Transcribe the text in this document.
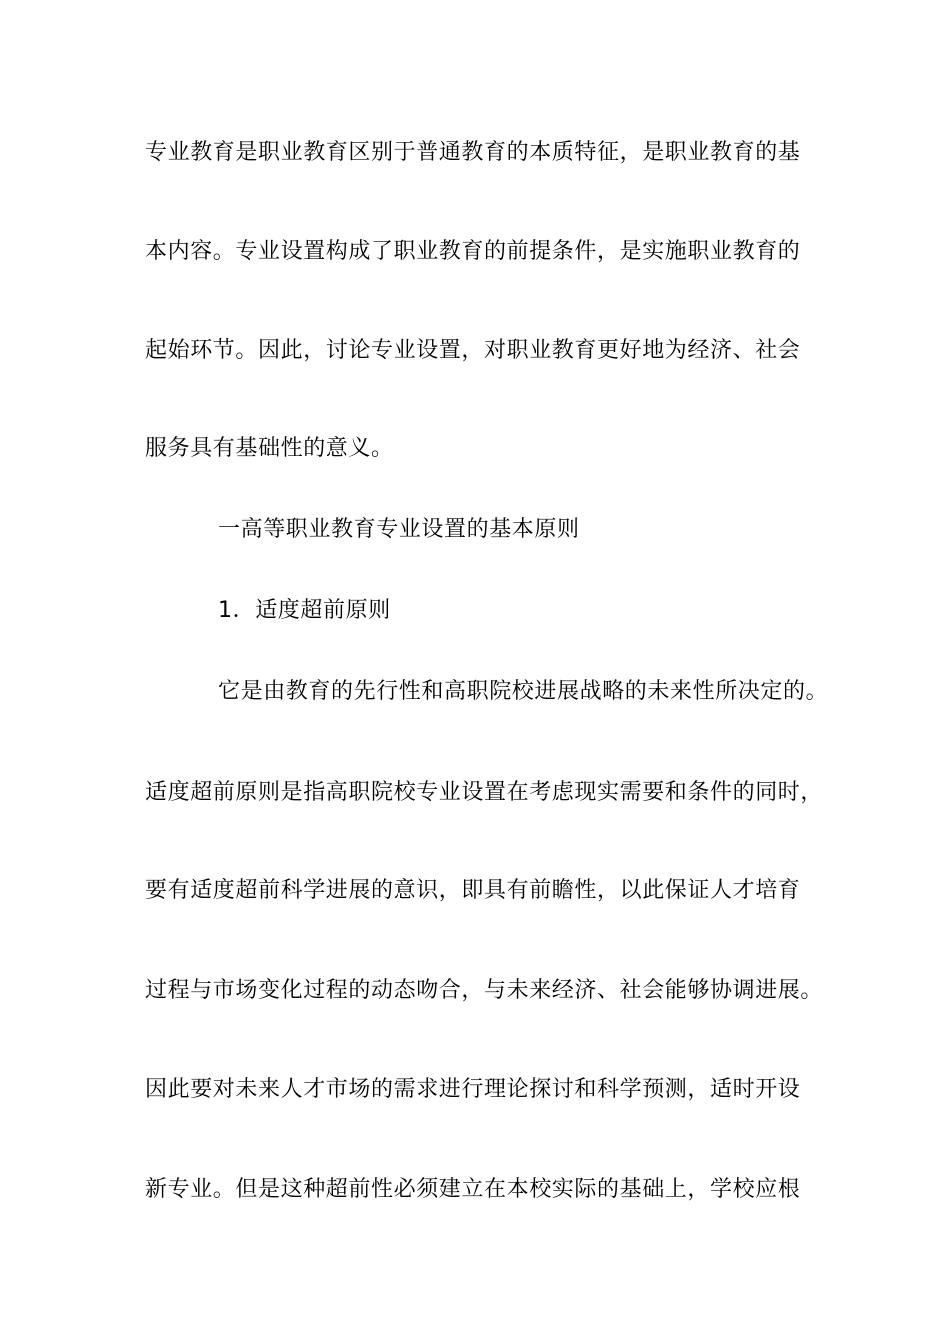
专业教育是职业教育区别于普通教育的本质特征，是职业教育的基
本内容。专业设置构成了职业教育的前提条件，是实施职业教育的
起始环节。因此，讨论专业设置，对职业教育更好地为经济、社会
服务具有基础性的意义。
一高等职业教育专业设置的基本原则
1．适度超前原则
它是由教育的先行性和高职院校进展战略的未来性所决定的。
适度超前原则是指高职院校专业设置在考虑现实需要和条件的同时，
要有适度超前科学进展的意识，即具有前瞻性，以此保证人才培育
过程与市场变化过程的动态吻合，与未来经济、社会能够协调进展。
因此要对未来人才市场的需求进行理论探讨和科学预测，适时开设
新专业。但是这种超前性必须建立在本校实际的基础上，学校应根
